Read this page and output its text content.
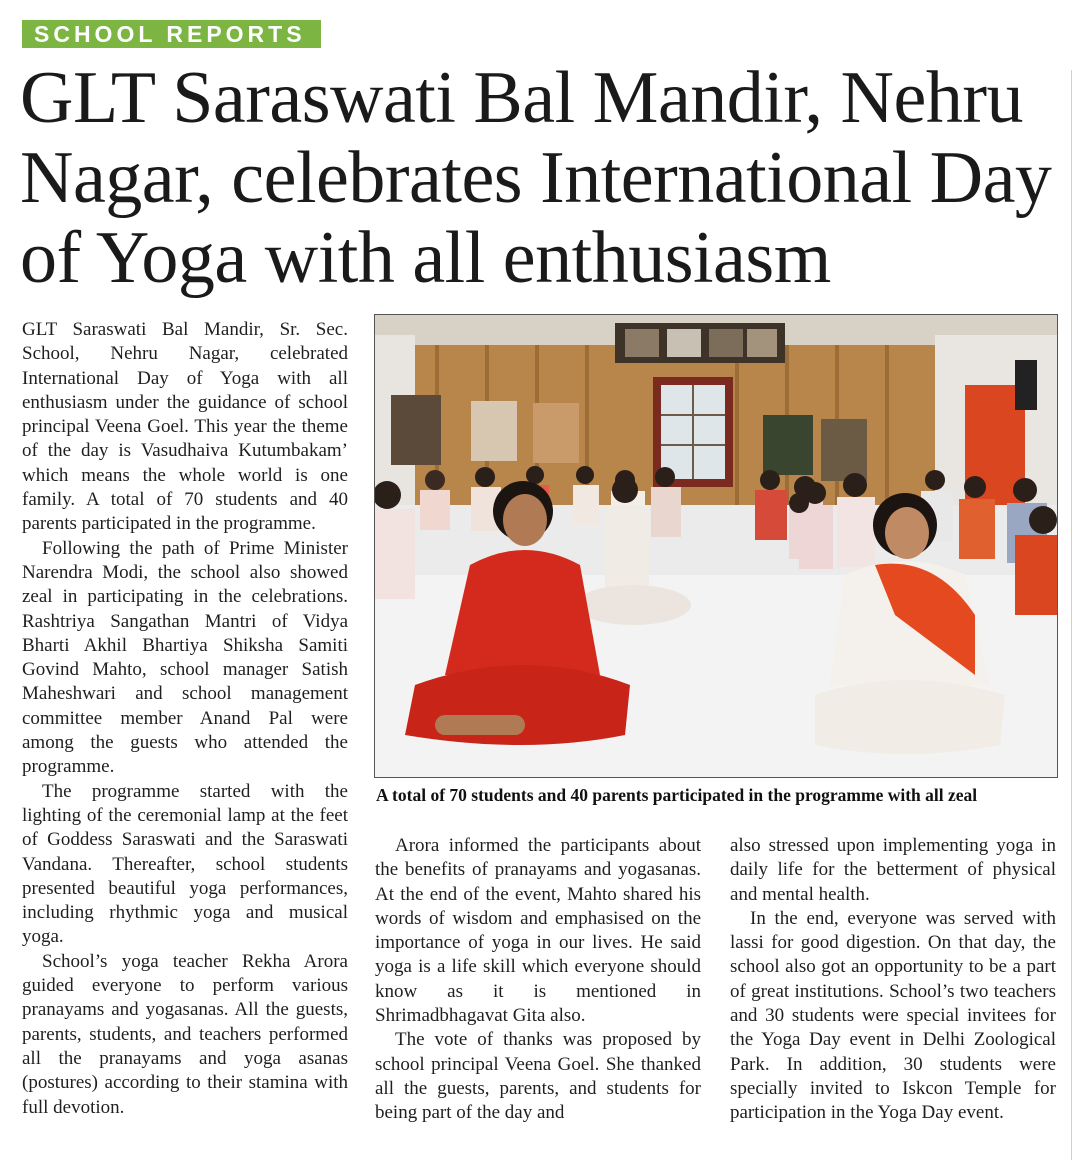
SCHOOL REPORTS
GLT Saraswati Bal Mandir, Nehru Nagar, celebrates International Day of Yoga with all enthusiasm

GLT Saraswati Bal Mandir, Sr. Sec. School, Nehru Nagar, celebrated International Day of Yoga with all enthusiasm under the guidance of school principal Veena Goel. This year the theme of the day is Vasudhaiva Kutumbakam’ which means the whole world is one family. A total of 70 students and 40 parents participated in the programme.

Following the path of Prime Minister Narendra Modi, the school also showed zeal in participating in the celebrations. Rashtriya Sangathan Mantri of Vidya Bharti Akhil Bhartiya Shiksha Samiti Govind Mahto, school manager Satish Maheshwari and school management committee member Anand Pal were among the guests who attended the programme.

The programme started with the lighting of the ceremonial lamp at the feet of Goddess Saraswati and the Saraswati Vandana. Thereafter, school students presented beautiful yoga performances, including rhythmic yoga and musical yoga.

School’s yoga teacher Rekha Arora guided everyone to perform various pranayams and yogasanas. All the guests, parents, students, and teachers performed all the pranayams and yoga asanas (postures) according to their stamina with full devotion.

A total of 70 students and 40 parents participated in the programme with all zeal

Arora informed the participants about the benefits of pranayams and yogasanas. At the end of the event, Mahto shared his words of wisdom and emphasised on the importance of yoga in our lives. He said yoga is a life skill which everyone should know as it is mentioned in Shrimadbhagavat Gita also.

The vote of thanks was proposed by school principal Veena Goel. She thanked all the guests, parents, and students for being part of the day and

also stressed upon implementing yoga in daily life for the betterment of physical and mental health.

In the end, everyone was served with lassi for good digestion. On that day, the school also got an opportunity to be a part of great institutions. School’s two teachers and 30 students were special invitees for the Yoga Day event in Delhi Zoological Park. In addition, 30 students were specially invited to Iskcon Temple for participation in the Yoga Day event.
